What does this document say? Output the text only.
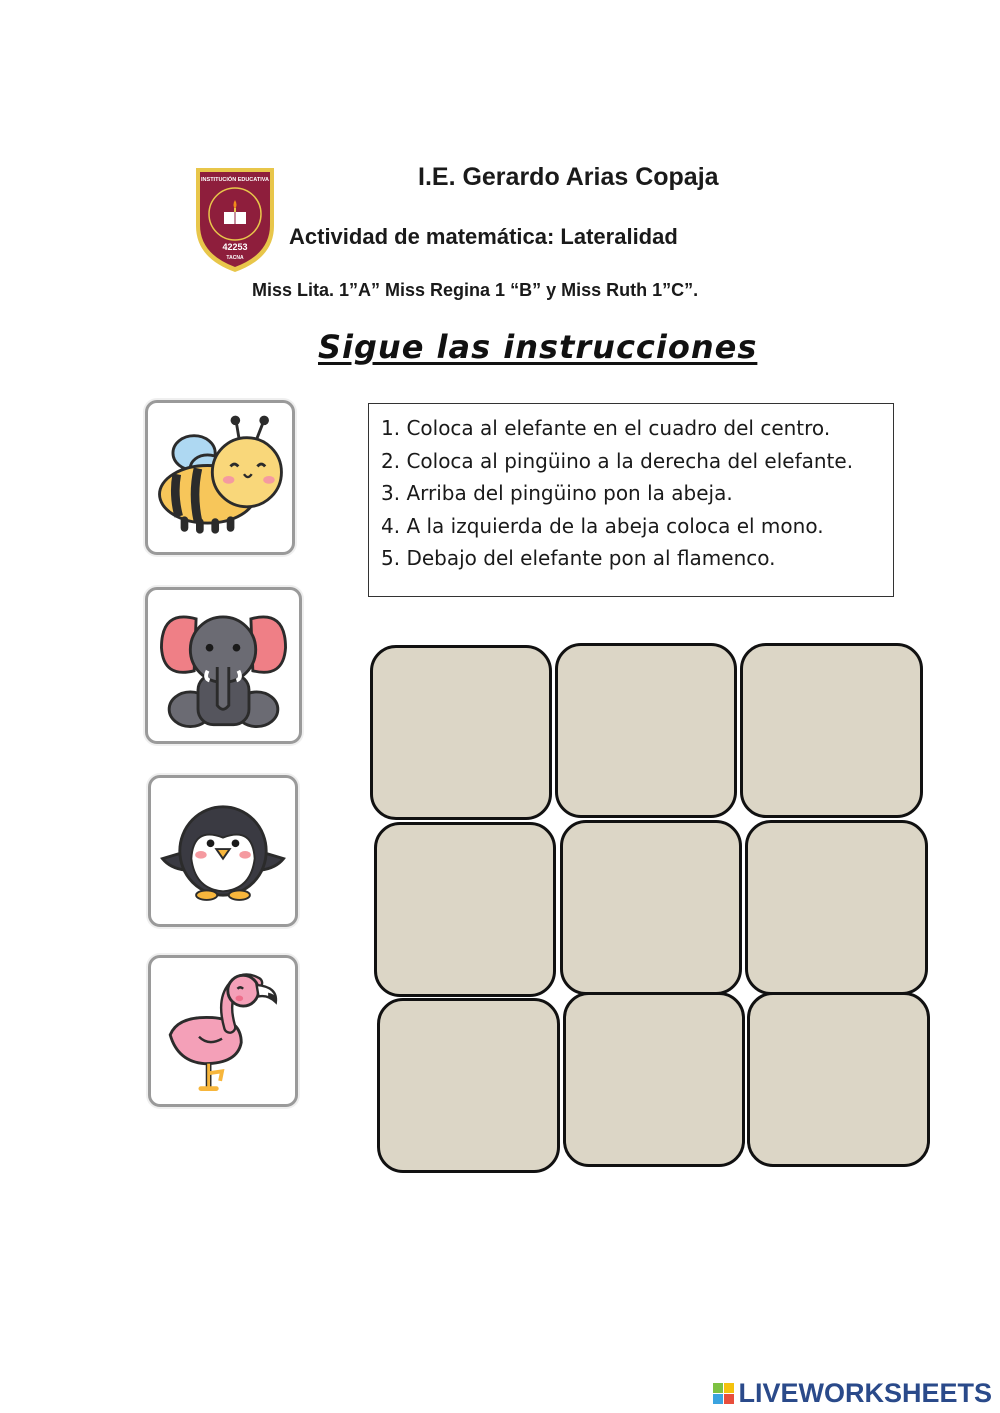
INSTITUCIÓN EDUCATIVA
42253
TACNA
I.E. Gerardo Arias Copaja
Actividad de matemática: Lateralidad
Miss Lita. 1”A” Miss Regina 1 “B” y Miss Ruth 1”C”.
Sigue las instrucciones
1. Coloca al elefante en el cuadro del centro.
2. Coloca al pingüino a la derecha del elefante.
3. Arriba del pingüino pon la abeja.
4. A la izquierda de la abeja coloca el mono.
5. Debajo del elefante pon al flamenco.
LIVEWORKSHEETS
